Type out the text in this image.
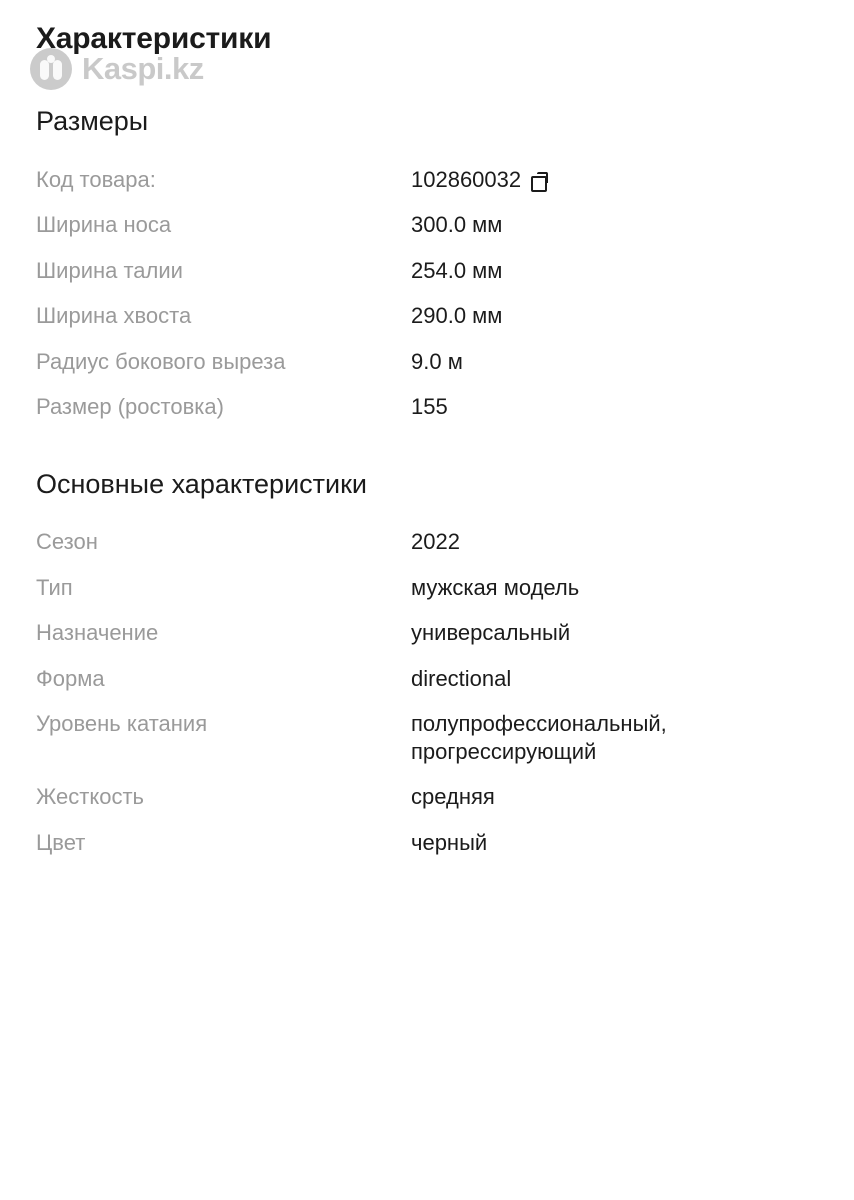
Характеристики
Kaspi.kz
Размеры
Код товара:	102860032
Ширина носа	300.0 мм
Ширина талии	254.0 мм
Ширина хвоста	290.0 мм
Радиус бокового выреза	9.0 м
Размер (ростовка)	155
Основные характеристики
Сезон	2022
Тип	мужская модель
Назначение	универсальный
Форма	directional
Уровень катания	полупрофессиональный, прогрессирующий
Жесткость	средняя
Цвет	черный
